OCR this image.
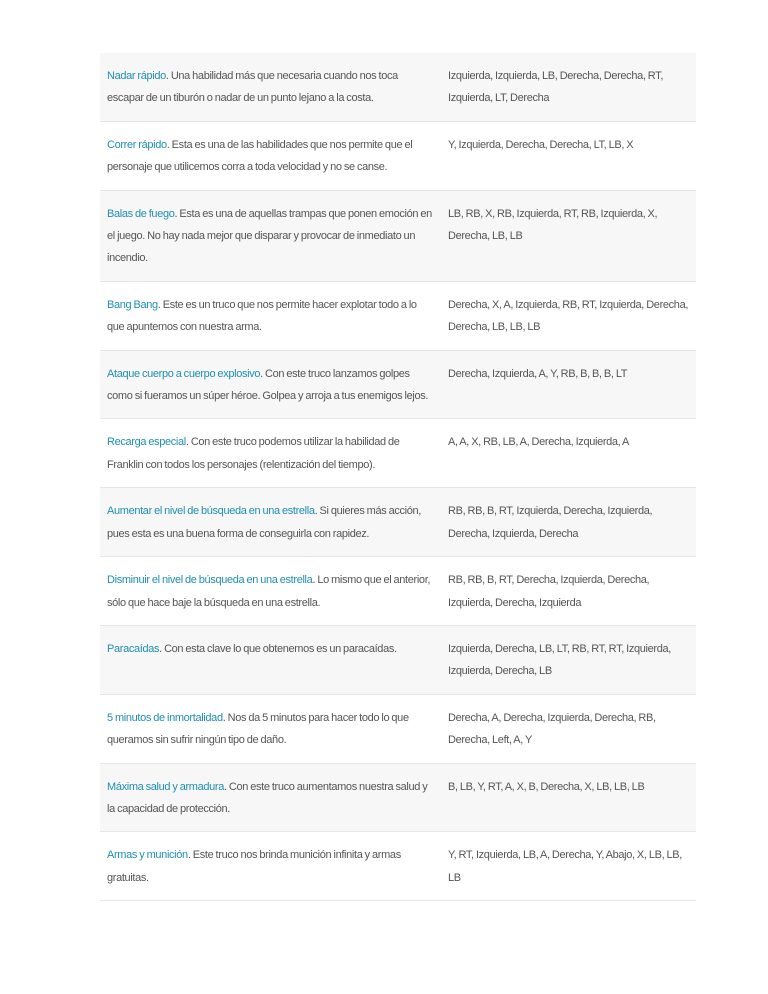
Nadar rápido. Una habilidad más que necesaria cuando nos toca escapar de un tiburón o nadar de un punto lejano a la costa.	Izquierda, Izquierda, LB, Derecha, Derecha, RT, Izquierda, LT, Derecha
Correr rápido. Esta es una de las habilidades que nos permite que el personaje que utilicemos corra a toda velocidad y no se canse.	Y, Izquierda, Derecha, Derecha, LT, LB, X
Balas de fuego. Esta es una de aquellas trampas que ponen emoción en el juego. No hay nada mejor que disparar y provocar de inmediato un incendio.	LB, RB, X, RB, Izquierda, RT, RB, Izquierda, X, Derecha, LB, LB
Bang Bang. Este es un truco que nos permite hacer explotar todo a lo que apuntemos con nuestra arma.	Derecha, X, A, Izquierda, RB, RT, Izquierda, Derecha, Derecha, LB, LB, LB
Ataque cuerpo a cuerpo explosivo. Con este truco lanzamos golpes como si fueramos un súper héroe. Golpea y arroja a tus enemigos lejos.	Derecha, Izquierda, A, Y, RB, B, B, B, LT
Recarga especial. Con este truco podemos utilizar la habilidad de Franklin con todos los personajes (relentización del tiempo).	A, A, X, RB, LB, A, Derecha, Izquierda, A
Aumentar el nivel de búsqueda en una estrella. Si quieres más acción, pues esta es una buena forma de conseguirla con rapidez.	RB, RB, B, RT, Izquierda, Derecha, Izquierda, Derecha, Izquierda, Derecha
Disminuir el nivel de búsqueda en una estrella. Lo mismo que el anterior, sólo que hace baje la búsqueda en una estrella.	RB, RB, B, RT, Derecha, Izquierda, Derecha, Izquierda, Derecha, Izquierda
Paracaídas. Con esta clave lo que obtenemos es un paracaídas.	Izquierda, Derecha, LB, LT, RB, RT, RT, Izquierda, Izquierda, Derecha, LB
5 minutos de inmortalidad. Nos da 5 minutos para hacer todo lo que queramos sin sufrir ningún tipo de daño.	Derecha, A, Derecha, Izquierda, Derecha, RB, Derecha, Left, A, Y
Máxima salud y armadura. Con este truco aumentamos nuestra salud y la capacidad de protección.	B, LB, Y, RT, A, X, B, Derecha, X, LB, LB, LB
Armas y munición. Este truco nos brinda munición infinita y armas gratuitas.	Y, RT, Izquierda, LB, A, Derecha, Y, Abajo, X, LB, LB, LB
